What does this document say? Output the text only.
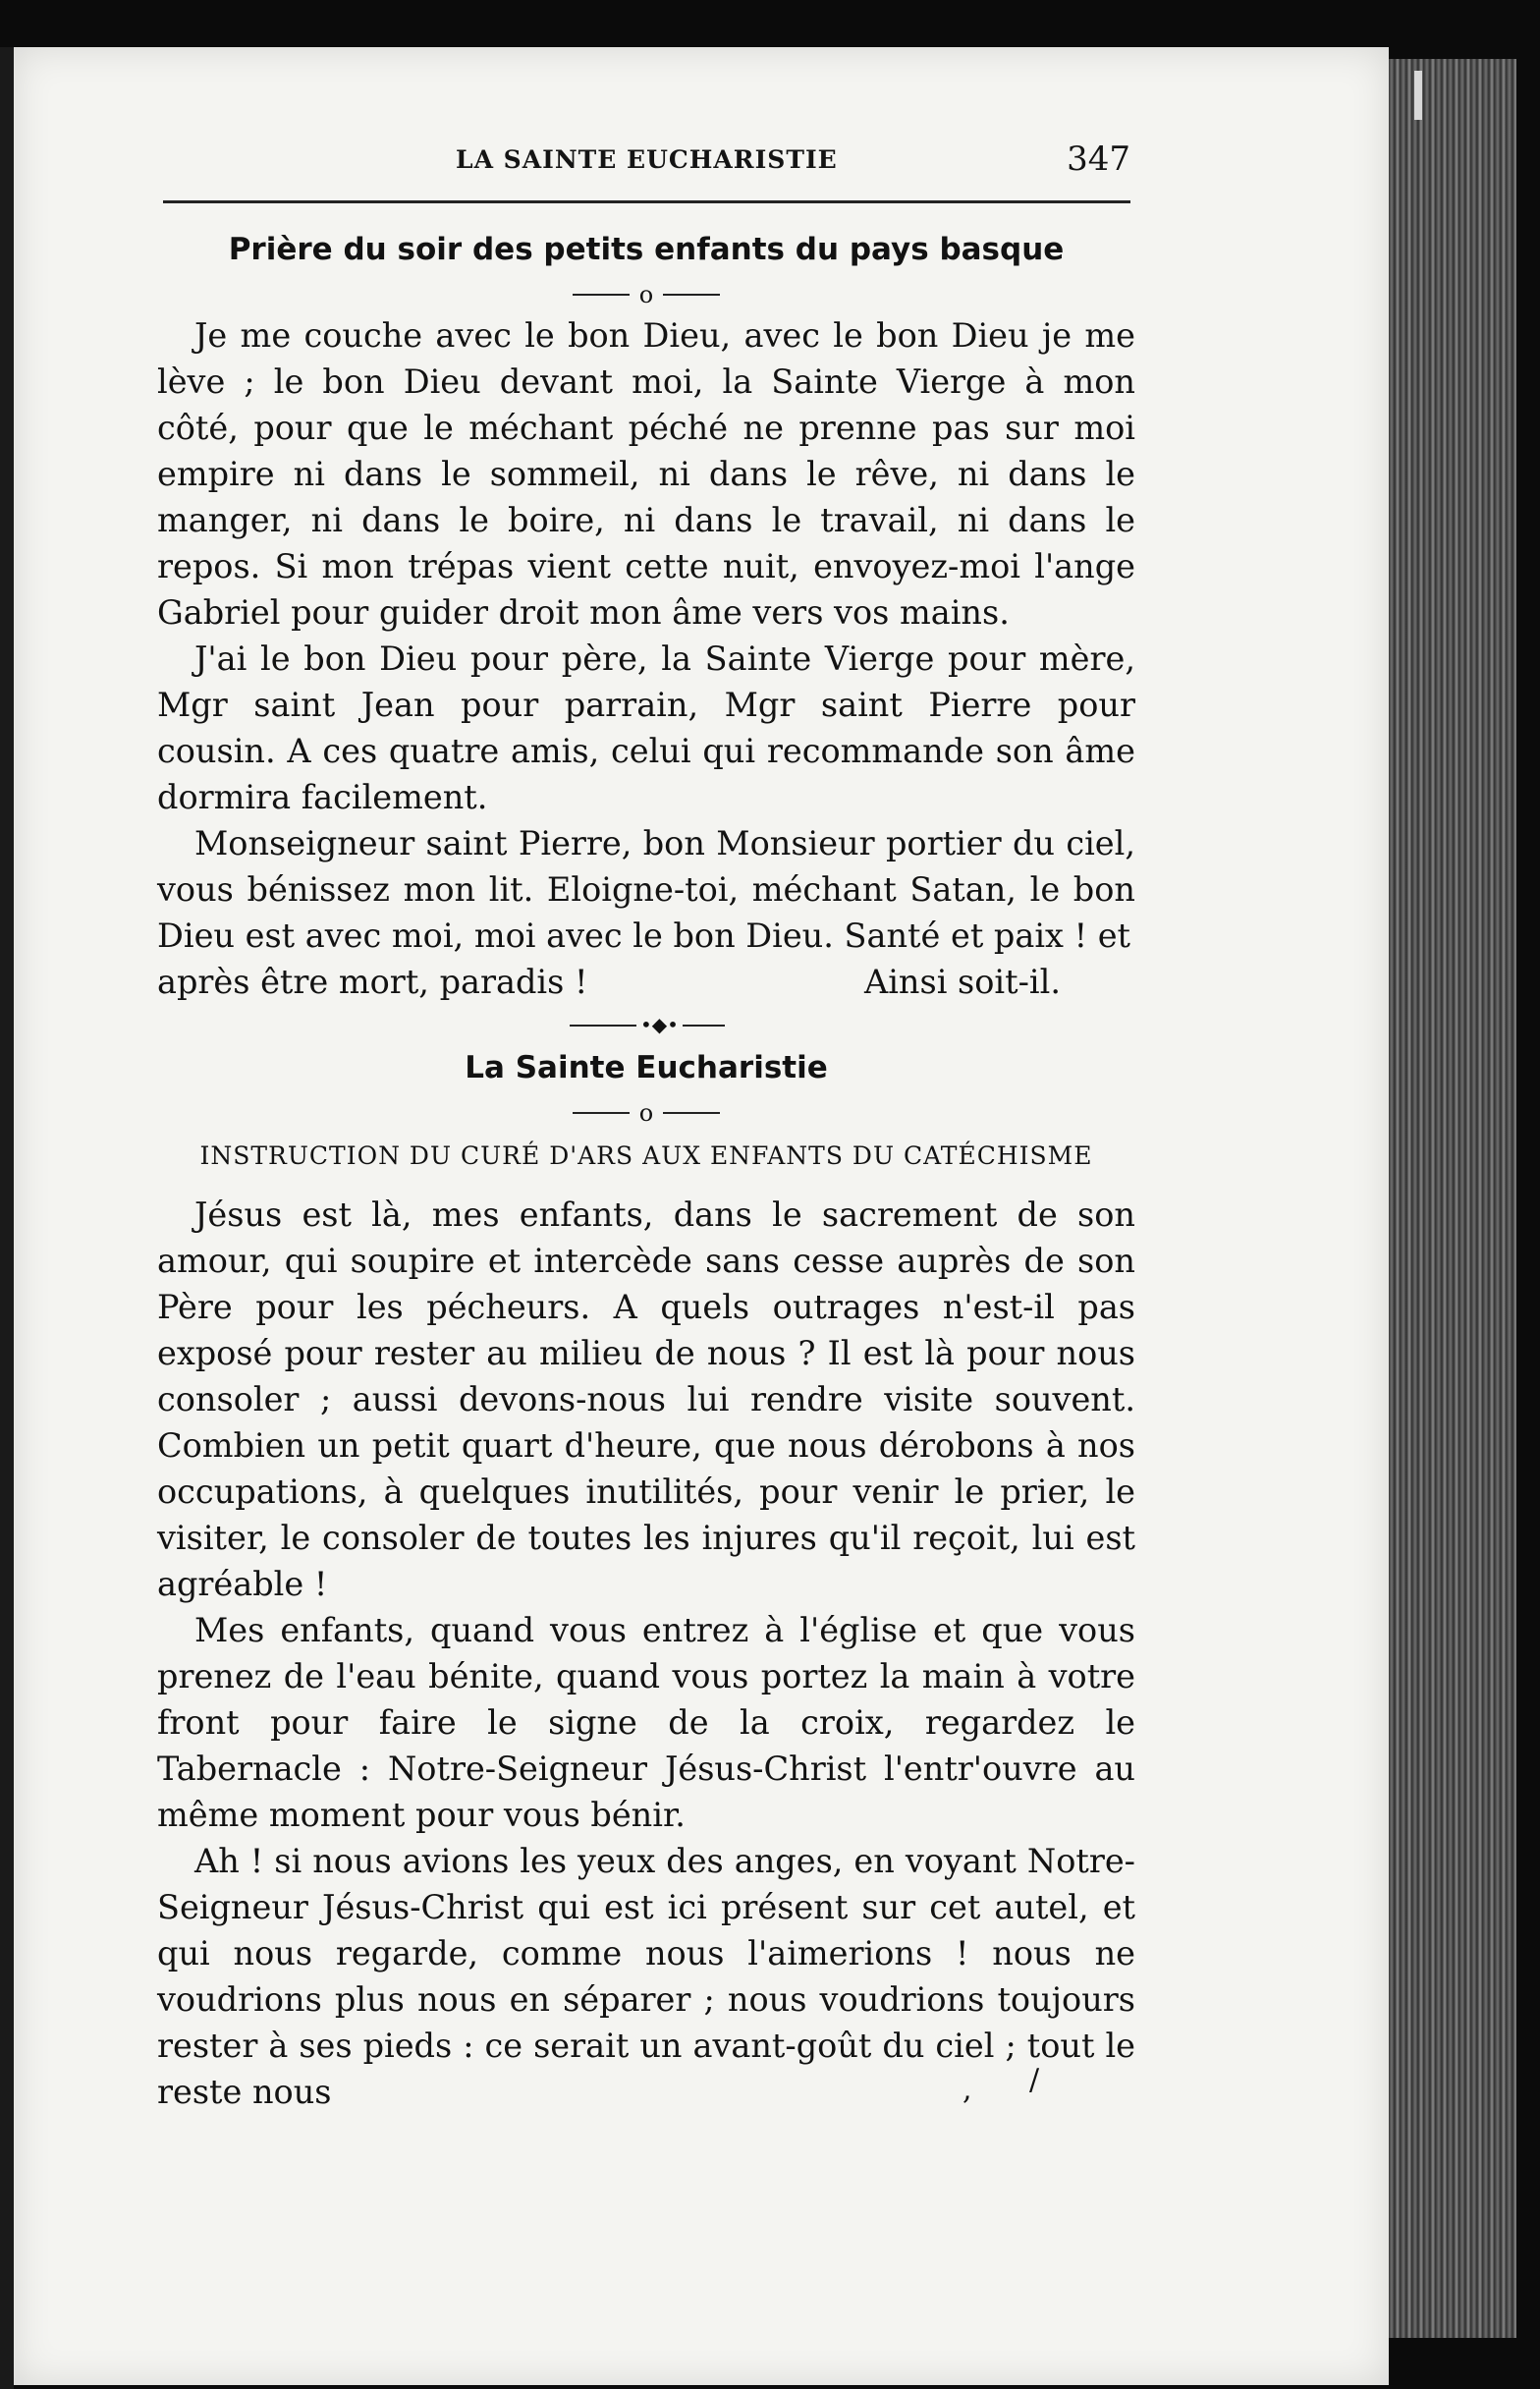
LA SAINTE EUCHARISTIE	347
Prière du soir des petits enfants du pays basque
o

Je me couche avec le bon Dieu, avec le bon Dieu je me lève ; le bon Dieu devant moi, la Sainte Vierge à mon côté, pour que le méchant péché ne prenne pas sur moi empire ni dans le sommeil, ni dans le rêve, ni dans le manger, ni dans le boire, ni dans le travail, ni dans le repos. Si mon trépas vient cette nuit, envoyez-moi l'ange Gabriel pour guider droit mon âme vers vos mains.

J'ai le bon Dieu pour père, la Sainte Vierge pour mère, Mgr saint Jean pour parrain, Mgr saint Pierre pour cousin. A ces quatre amis, celui qui recommande son âme dormira facilement.

Monseigneur saint Pierre, bon Monsieur portier du ciel, vous bénissez mon lit. Eloigne-toi, méchant Satan, le bon Dieu est avec moi, moi avec le bon Dieu. Santé et paix ! et

après être mort, paradis !	Ainsi soit-il.
•◆•
La Sainte Eucharistie
o
INSTRUCTION DU CURÉ D'ARS AUX ENFANTS DU CATÉCHISME

Jésus est là, mes enfants, dans le sacrement de son amour, qui soupire et intercède sans cesse auprès de son Père pour les pécheurs. A quels outrages n'est-il pas exposé pour rester au milieu de nous ? Il est là pour nous consoler ; aussi devons-nous lui rendre visite souvent. Combien un petit quart d'heure, que nous dérobons à nos occupations, à quelques inutilités, pour venir le prier, le visiter, le consoler de toutes les injures qu'il reçoit, lui est agréable !

Mes enfants, quand vous entrez à l'église et que vous prenez de l'eau bénite, quand vous portez la main à votre front pour faire le signe de la croix, regardez le Tabernacle : Notre-Seigneur Jésus-Christ l'entr'ouvre au même moment pour vous bénir.

Ah ! si nous avions les yeux des anges, en voyant Notre-Seigneur Jésus-Christ qui est ici présent sur cet autel, et qui nous regarde, comme nous l'aimerions ! nous ne voudrions plus nous en séparer ; nous voudrions toujours rester à ses pieds : ce serait un avant-goût du ciel ; tout le reste nous	, /
